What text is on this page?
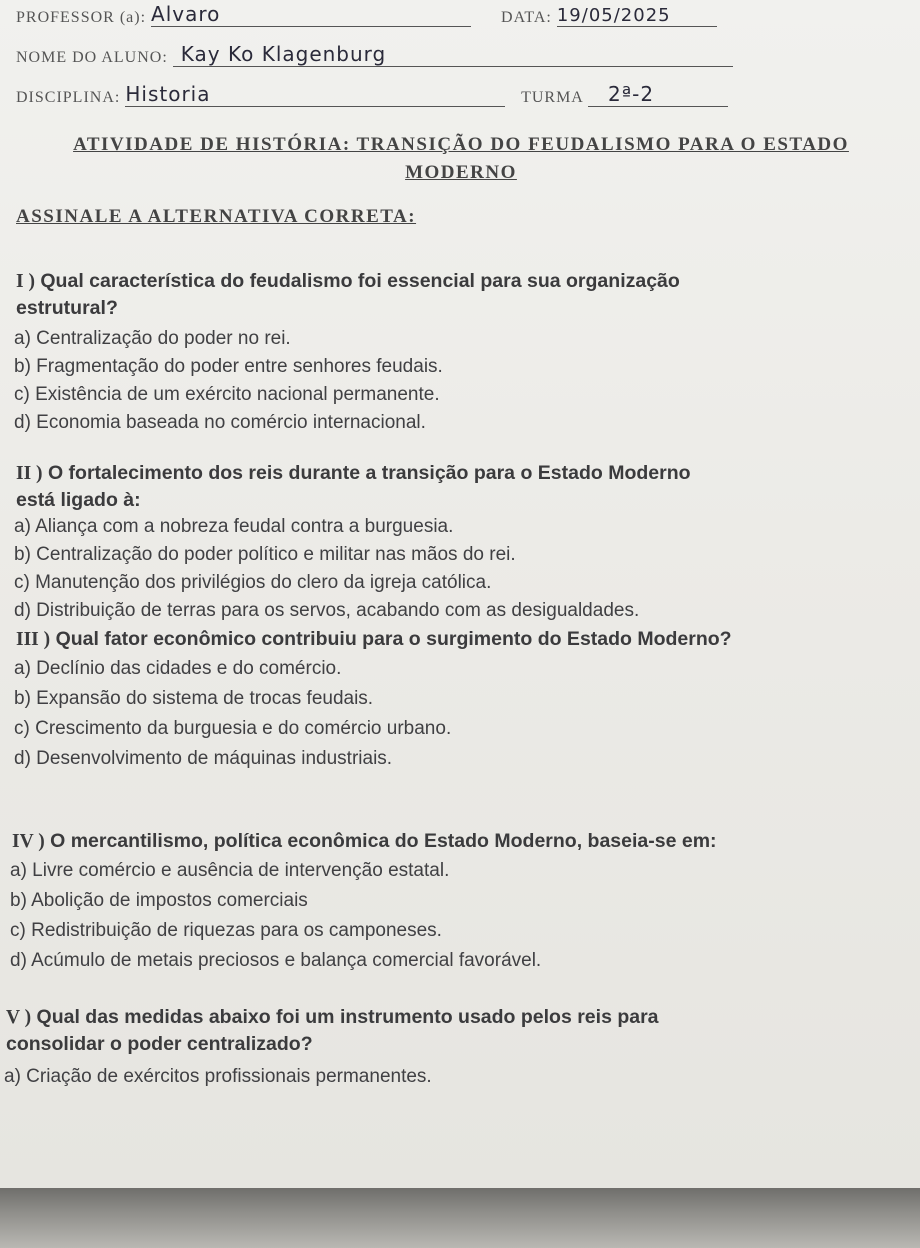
PROFESSOR (a): Alvaro	DATA: 19/05/2025
NOME DO ALUNO: Kay Ko Klagenburg
DISCIPLINA: Historia	TURMA 2ª-2
ATIVIDADE DE HISTÓRIA: TRANSIÇÃO DO FEUDALISMO PARA O ESTADO
MODERNO
ASSINALE A ALTERNATIVA CORRETA:
I ) Qual característica do feudalismo foi essencial para sua organização
estrutural?
a) Centralização do poder no rei.
b) Fragmentação do poder entre senhores feudais.
c) Existência de um exército nacional permanente.
d) Economia baseada no comércio internacional.
II ) O fortalecimento dos reis durante a transição para o Estado Moderno
está ligado à:
a) Aliança com a nobreza feudal contra a burguesia.
b) Centralização do poder político e militar nas mãos do rei.
c) Manutenção dos privilégios do clero da igreja católica.
d) Distribuição de terras para os servos, acabando com as desigualdades.
III ) Qual fator econômico contribuiu para o surgimento do Estado Moderno?
a) Declínio das cidades e do comércio.
b) Expansão do sistema de trocas feudais.
c) Crescimento da burguesia e do comércio urbano.
d) Desenvolvimento de máquinas industriais.
IV ) O mercantilismo, política econômica do Estado Moderno, baseia-se em:
a) Livre comércio e ausência de intervenção estatal.
b) Abolição de impostos comerciais
c) Redistribuição de riquezas para os camponeses.
d) Acúmulo de metais preciosos e balança comercial favorável.
V ) Qual das medidas abaixo foi um instrumento usado pelos reis para
consolidar o poder centralizado?
a) Criação de exércitos profissionais permanentes.
